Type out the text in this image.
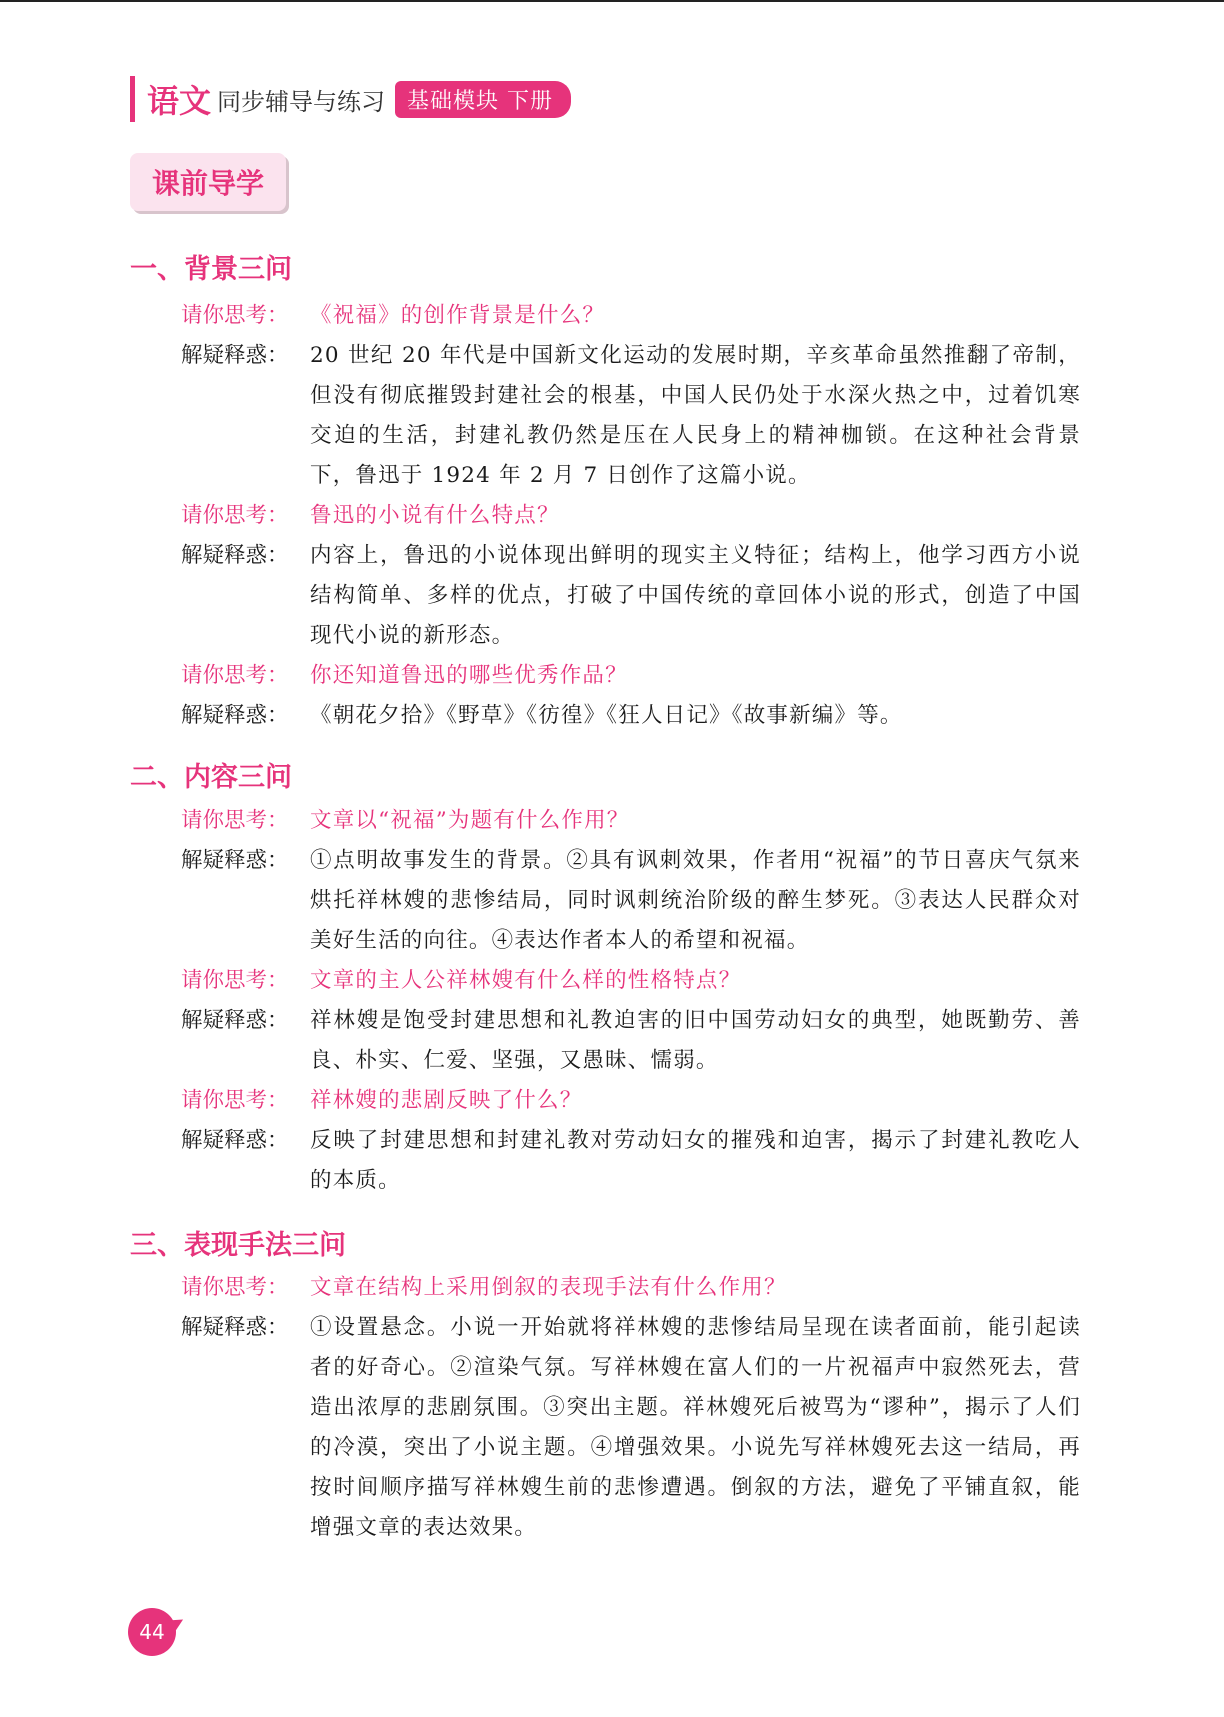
语文 同步辅导与练习	基础模块 下册
课前导学
一、背景三问
请你思考： 《祝福》的创作背景是什么？
解疑释惑： 20 世纪 20 年代是中国新文化运动的发展时期，辛亥革命虽然推翻了帝制，但没有彻底摧毁封建社会的根基，中国人民仍处于水深火热之中，过着饥寒交迫的生活，封建礼教仍然是压在人民身上的精神枷锁。在这种社会背景下，鲁迅于 1924 年 2 月 7 日创作了这篇小说。
请你思考： 鲁迅的小说有什么特点？
解疑释惑： 内容上，鲁迅的小说体现出鲜明的现实主义特征；结构上，他学习西方小说结构简单、多样的优点，打破了中国传统的章回体小说的形式，创造了中国现代小说的新形态。
请你思考： 你还知道鲁迅的哪些优秀作品？
解疑释惑： 《朝花夕拾》《野草》《彷徨》《狂人日记》《故事新编》等。
二、内容三问
请你思考： 文章以“祝福”为题有什么作用？
解疑释惑： ①点明故事发生的背景。②具有讽刺效果，作者用“祝福”的节日喜庆气氛来烘托祥林嫂的悲惨结局，同时讽刺统治阶级的醉生梦死。③表达人民群众对美好生活的向往。④表达作者本人的希望和祝福。
请你思考： 文章的主人公祥林嫂有什么样的性格特点？
解疑释惑： 祥林嫂是饱受封建思想和礼教迫害的旧中国劳动妇女的典型，她既勤劳、善良、朴实、仁爱、坚强，又愚昧、懦弱。
请你思考： 祥林嫂的悲剧反映了什么？
解疑释惑： 反映了封建思想和封建礼教对劳动妇女的摧残和迫害，揭示了封建礼教吃人的本质。
三、表现手法三问
请你思考： 文章在结构上采用倒叙的表现手法有什么作用？
解疑释惑： ①设置悬念。小说一开始就将祥林嫂的悲惨结局呈现在读者面前，能引起读者的好奇心。②渲染气氛。写祥林嫂在富人们的一片祝福声中寂然死去，营造出浓厚的悲剧氛围。③突出主题。祥林嫂死后被骂为“谬种”，揭示了人们的冷漠，突出了小说主题。④增强效果。小说先写祥林嫂死去这一结局，再按时间顺序描写祥林嫂生前的悲惨遭遇。倒叙的方法，避免了平铺直叙，能增强文章的表达效果。
44
